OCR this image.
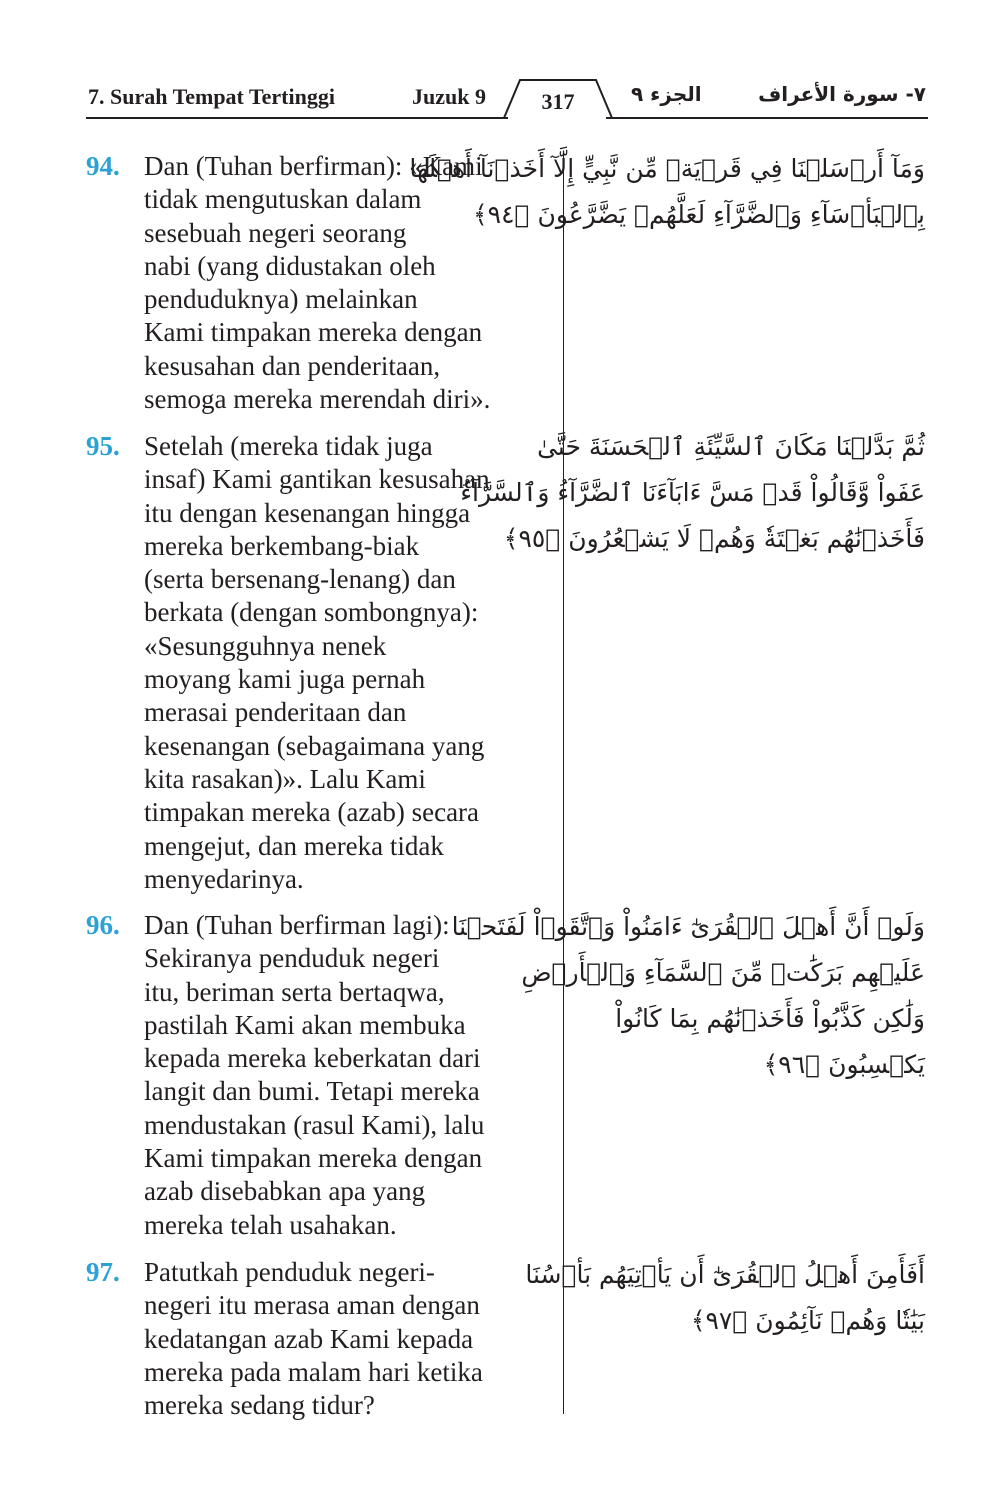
7. Surah Tempat Tertinggi	Juzuk 9	317	الجزء ٩	٧- سورة الأعراف
94. Dan (Tuhan berfirman): «Kami
tidak mengutuskan dalam
sesebuah negeri seorang
nabi (yang didustakan oleh
penduduknya) melainkan
Kami timpakan mereka dengan
kesusahan dan penderitaan,
semoga mereka merendah diri».
وَمَآ أَرۡسَلۡنَا فِي قَرۡيَةٖ مِّن نَّبِيٍّ إِلَّآ أَخَذۡنَآ أَهۡلَهَا
بِٱلۡبَأۡسَآءِ وَٱلضَّرَّآءِ لَعَلَّهُمۡ يَضَّرَّعُونَ ﴿٩٤﴾
95. Setelah (mereka tidak juga
insaf) Kami gantikan kesusahan
itu dengan kesenangan hingga
mereka berkembang-biak
(serta bersenang-lenang) dan
berkata (dengan sombongnya):
«Sesungguhnya nenek
moyang kami juga pernah
merasai penderitaan dan
kesenangan (sebagaimana yang
kita rasakan)». Lalu Kami
timpakan mereka (azab) secara
mengejut, dan mereka tidak
menyedarinya.
ثُمَّ بَدَّلۡنَا مَكَانَ ٱلسَّيِّئَةِ ٱلۡحَسَنَةَ حَتَّىٰ
عَفَواْ وَّقَالُواْ قَدۡ مَسَّ ءَابَآءَنَا ٱلضَّرَّآءُ وَٱلسَّرَّآءُ
فَأَخَذۡنَٰهُم بَغۡتَةٗ وَهُمۡ لَا يَشۡعُرُونَ ﴿٩٥﴾
96. Dan (Tuhan berfirman lagi):
Sekiranya penduduk negeri
itu, beriman serta bertaqwa,
pastilah Kami akan membuka
kepada mereka keberkatan dari
langit dan bumi. Tetapi mereka
mendustakan (rasul Kami), lalu
Kami timpakan mereka dengan
azab disebabkan apa yang
mereka telah usahakan.
وَلَوۡ أَنَّ أَهۡلَ ٱلۡقُرَىٰٓ ءَامَنُواْ وَٱتَّقَوۡاْ لَفَتَحۡنَا
عَلَيۡهِم بَرَكَٰتٖ مِّنَ ٱلسَّمَآءِ وَٱلۡأَرۡضِ
وَلَٰكِن كَذَّبُواْ فَأَخَذۡنَٰهُم بِمَا كَانُواْ
يَكۡسِبُونَ ﴿٩٦﴾
97. Patutkah penduduk negeri-
negeri itu merasa aman dengan
kedatangan azab Kami kepada
mereka pada malam hari ketika
mereka sedang tidur?
أَفَأَمِنَ أَهۡلُ ٱلۡقُرَىٰٓ أَن يَأۡتِيَهُم بَأۡسُنَا
بَيَٰتٗا وَهُمۡ نَآئِمُونَ ﴿٩٧﴾
